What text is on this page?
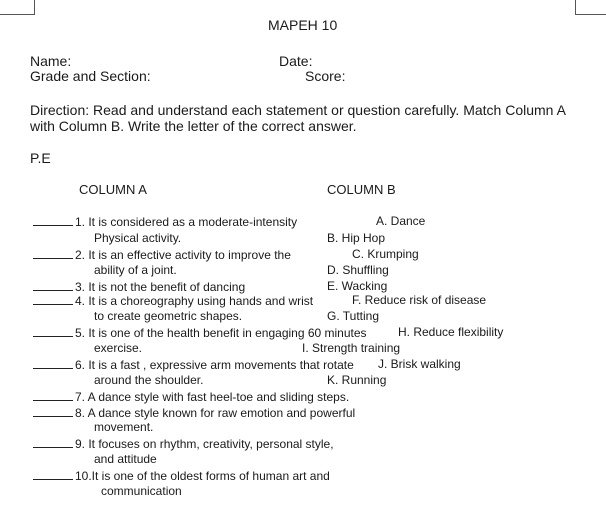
MAPEH 10
Name:	Date:
Grade and Section:	Score:
Direction: Read and understand each statement or question carefully. Match Column A
with Column B. Write the letter of the correct answer.
P.E
COLUMN A	COLUMN B
1. It is considered as a moderate-intensity
Physical activity.
2. It is an effective activity to improve the
ability of a joint.
3. It is not the benefit of dancing
4. It is a choreography using hands and wrist
to create geometric shapes.
5. It is one of the health benefit in engaging 60 minutes
exercise.
6. It is a fast , expressive arm movements that rotate
around the shoulder.
7. A dance style with fast heel-toe and sliding steps.
8. A dance style known for raw emotion and powerful
movement.
9. It focuses on rhythm, creativity, personal style,
and attitude
10.It is one of the oldest forms of human art and
communication
A. Dance
B. Hip Hop
C. Krumping
D. Shuffling
E. Wacking
F. Reduce risk of disease
G. Tutting
H. Reduce flexibility
I. Strength training
J. Brisk walking
K. Running
